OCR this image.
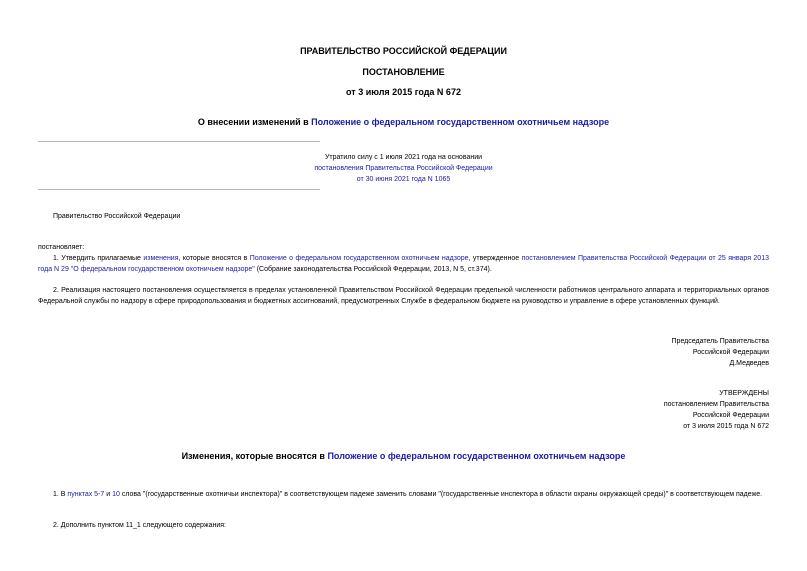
ПРАВИТЕЛЬСТВО РОССИЙСКОЙ ФЕДЕРАЦИИ
ПОСТАНОВЛЕНИЕ
от 3 июля 2015 года N 672
О внесении изменений в Положение о федеральном государственном охотничьем надзоре
Утратило силу с 1 июля 2021 года на основании
постановления Правительства Российской Федерации
от 30 июня 2021 года N 1065
Правительство Российской Федерации
постановляет:
1. Утвердить прилагаемые изменения, которые вносятся в Положение о федеральном государственном охотничьем надзоре, утвержденное постановлением Правительства Российской Федерации от 25 января 2013 года N 29 "О федеральном государственном охотничьем надзоре" (Собрание законодательства Российской Федерации, 2013, N 5, ст.374).
2. Реализация настоящего постановления осуществляется в пределах установленной Правительством Российской Федерации предельной численности работников центрального аппарата и территориальных органов Федеральной службы по надзору в сфере природопользования и бюджетных ассигнований, предусмотренных Службе в федеральном бюджете на руководство и управление в сфере установленных функций.
Председатель Правительства
Российской Федерации
Д.Медведев
УТВЕРЖДЕНЫ
постановлением Правительства
Российской Федерации
от 3 июля 2015 года N 672
Изменения, которые вносятся в Положение о федеральном государственном охотничьем надзоре
1. В пунктах 5-7 и 10 слова "(государственные охотничьи инспектора)" в соответствующем падеже заменить словами "(государственные инспектора в области охраны окружающей среды)" в соответствующем падеже.
2. Дополнить пунктом 11_1 следующего содержания:
